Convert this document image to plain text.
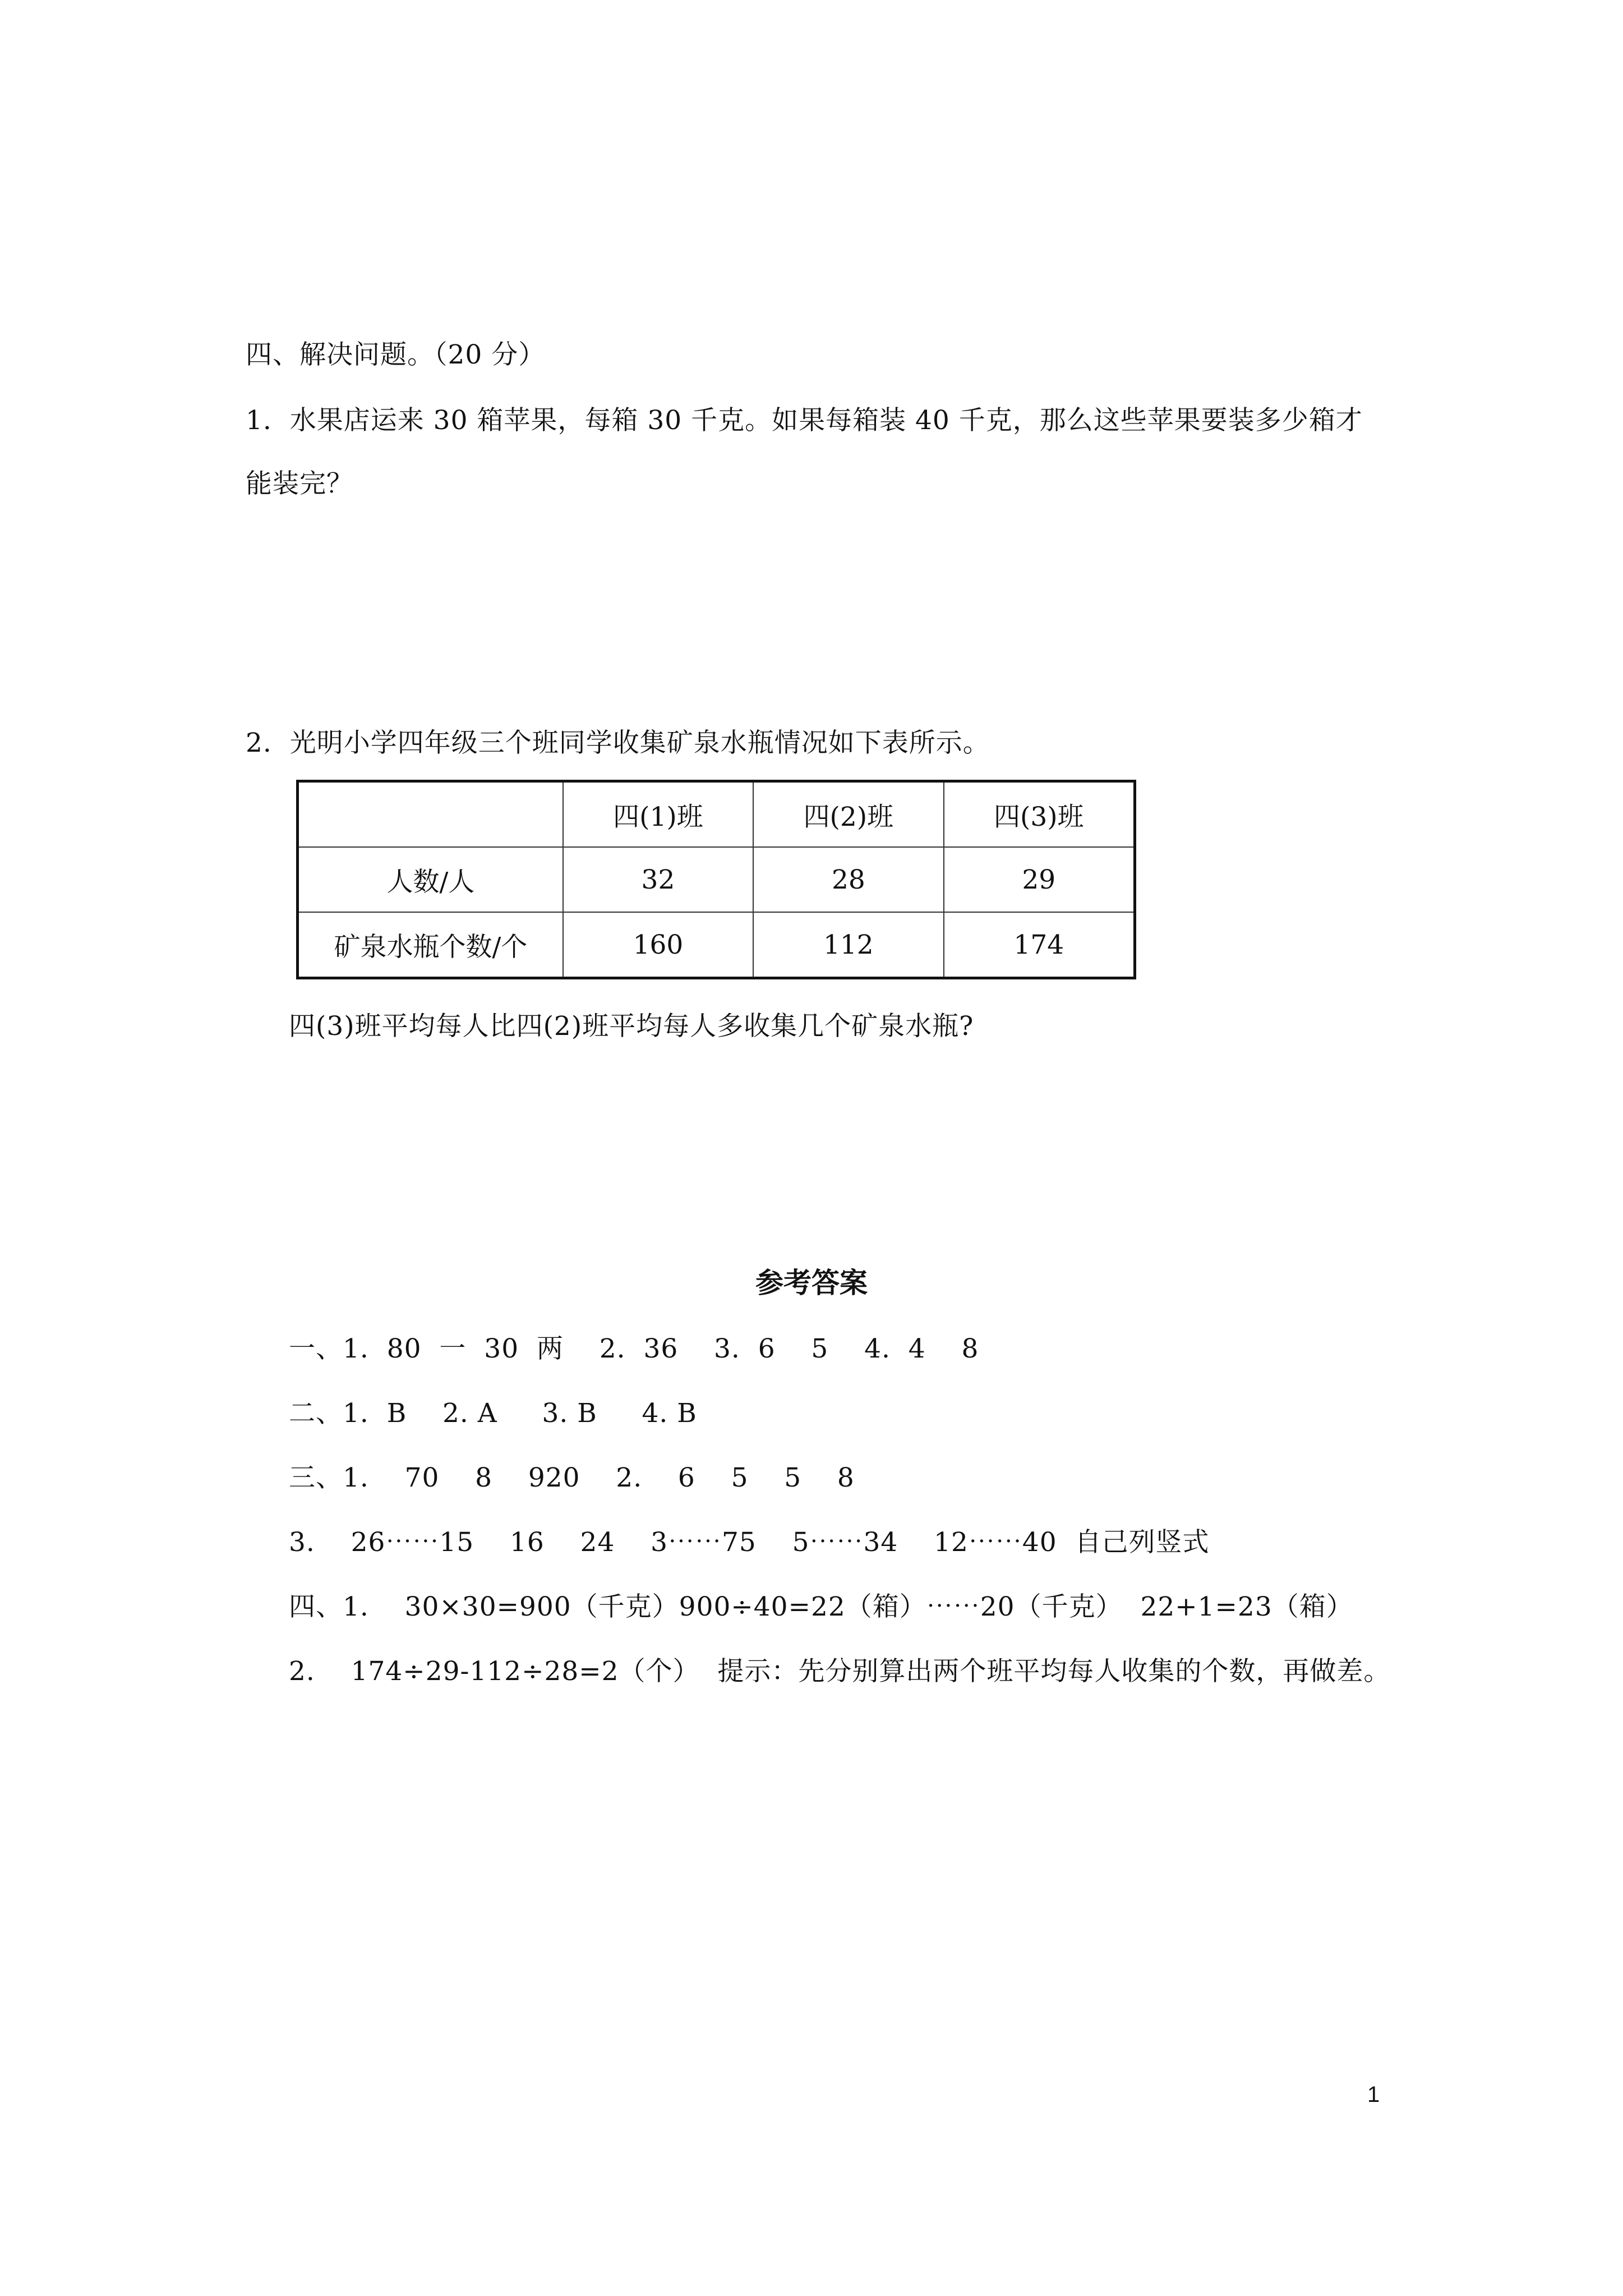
四、解决问题。（20 分）
1.  水果店运来 30 箱苹果，每箱 30 千克。如果每箱装 40 千克，那么这些苹果要装多少箱才
能装完？
2.  光明小学四年级三个班同学收集矿泉水瓶情况如下表所示。
	四(1)班	四(2)班	四(3)班
人数/人	32	28	29
矿泉水瓶个数/个	160	112	174
四(3)班平均每人比四(2)班平均每人多收集几个矿泉水瓶?
参考答案
一、1.  80  一  30  两    2.  36    3.  6    5    4.  4    8
二、1.  B    2. A     3. B     4. B
三、1.    70    8    920    2.    6    5    5    8
3.    26⋯⋯15    16    24    3⋯⋯75    5⋯⋯34    12⋯⋯40  自己列竖式
四、1.    30×30=900（千克）900÷40=22（箱）⋯⋯20（千克）  22+1=23（箱）
2.    174÷29-112÷28=2（个）  提示：先分别算出两个班平均每人收集的个数，再做差。
1
